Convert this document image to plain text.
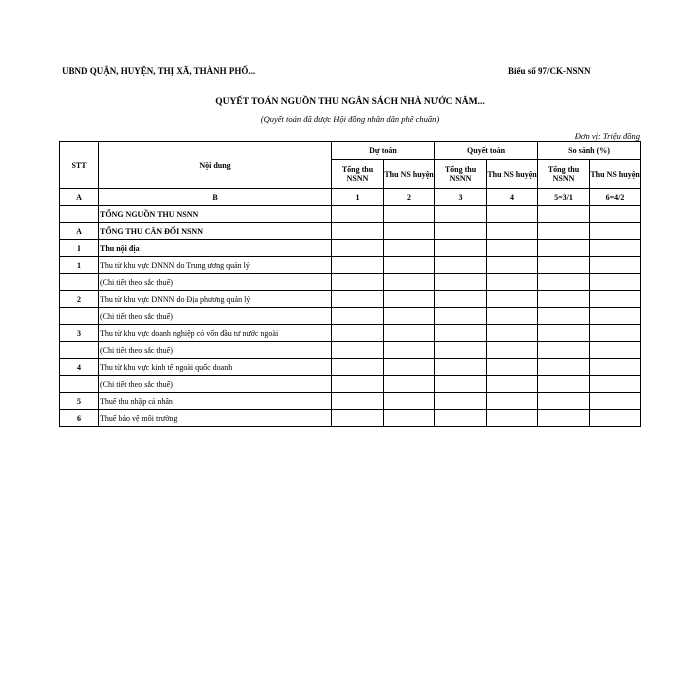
UBND QUẬN, HUYỆN, THỊ XÃ, THÀNH PHỐ...	Biểu số 97/CK-NSNN
QUYẾT TOÁN NGUỒN THU NGÂN SÁCH NHÀ NƯỚC NĂM...
(Quyết toán đã được Hội đồng nhân dân phê chuẩn)
Đơn vị: Triệu đồng
STT	Nội dung	Dự toán		Quyết toán		So sánh (%)	
		Tổng thu NSNN	Thu NS huyện	Tổng thu NSNN	Thu NS huyện	Tổng thu NSNN	Thu NS huyện
A	B	1	2	3	4	5=3/1	6=4/2
	TỔNG NGUỒN THU NSNN						
A	TỔNG THU CÂN ĐỐI NSNN						
I	Thu nội địa						
1	Thu từ khu vực DNNN do Trung ương quản lý						
	(Chi tiết theo sắc thuế)						
2	Thu từ khu vực DNNN do Địa phương quản lý						
	(Chi tiết theo sắc thuế)						
3	Thu từ khu vực doanh nghiệp có vốn đầu tư nước ngoài						
	(Chi tiết theo sắc thuế)						
4	Thu từ khu vực kinh tế ngoài quốc doanh						
	(Chi tiết theo sắc thuế)						
5	Thuế thu nhập cá nhân						
6	Thuế bảo vệ môi trường						
